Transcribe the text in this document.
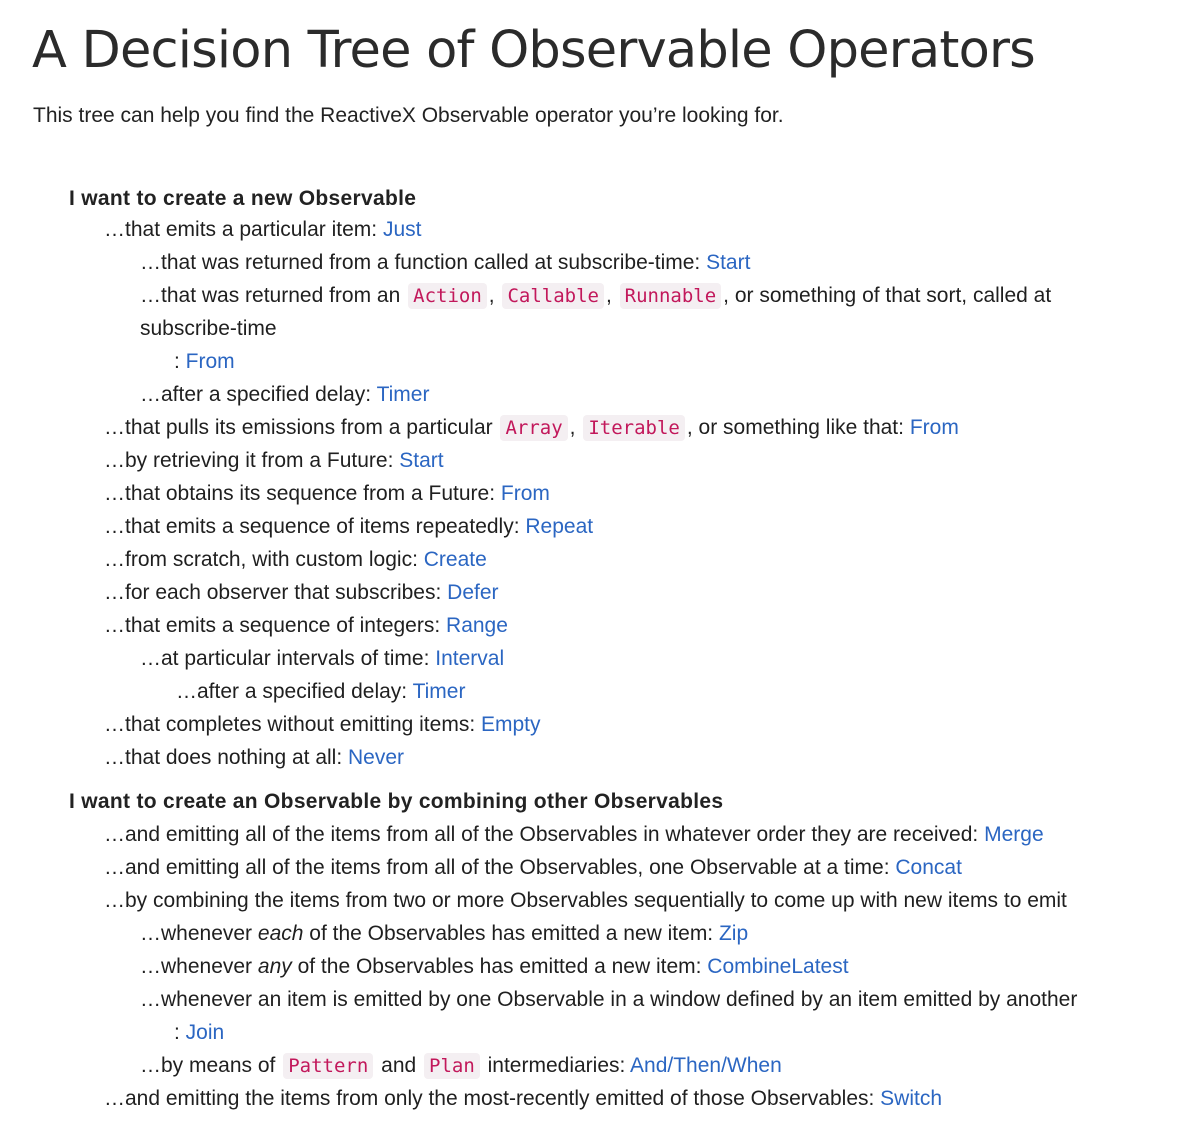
A Decision Tree of Observable Operators

This tree can help you find the ReactiveX Observable operator you’re looking for.

I want to create a new Observable
…that emits a particular item: Just
…that was returned from a function called at subscribe-time: Start
…that was returned from an Action , Callable , Runnable , or something of that sort, called at
subscribe-time
: From
…after a specified delay: Timer
…that pulls its emissions from a particular Array , Iterable , or something like that: From
…by retrieving it from a Future: Start
…that obtains its sequence from a Future: From
…that emits a sequence of items repeatedly: Repeat
…from scratch, with custom logic: Create
…for each observer that subscribes: Defer
…that emits a sequence of integers: Range
…at particular intervals of time: Interval
…after a specified delay: Timer
…that completes without emitting items: Empty
…that does nothing at all: Never
I want to create an Observable by combining other Observables
…and emitting all of the items from all of the Observables in whatever order they are received: Merge
…and emitting all of the items from all of the Observables, one Observable at a time: Concat
…by combining the items from two or more Observables sequentially to come up with new items to emit
…whenever each of the Observables has emitted a new item: Zip
…whenever any of the Observables has emitted a new item: CombineLatest
…whenever an item is emitted by one Observable in a window defined by an item emitted by another
: Join
…by means of Pattern and Plan intermediaries: And/Then/When
…and emitting the items from only the most-recently emitted of those Observables: Switch
